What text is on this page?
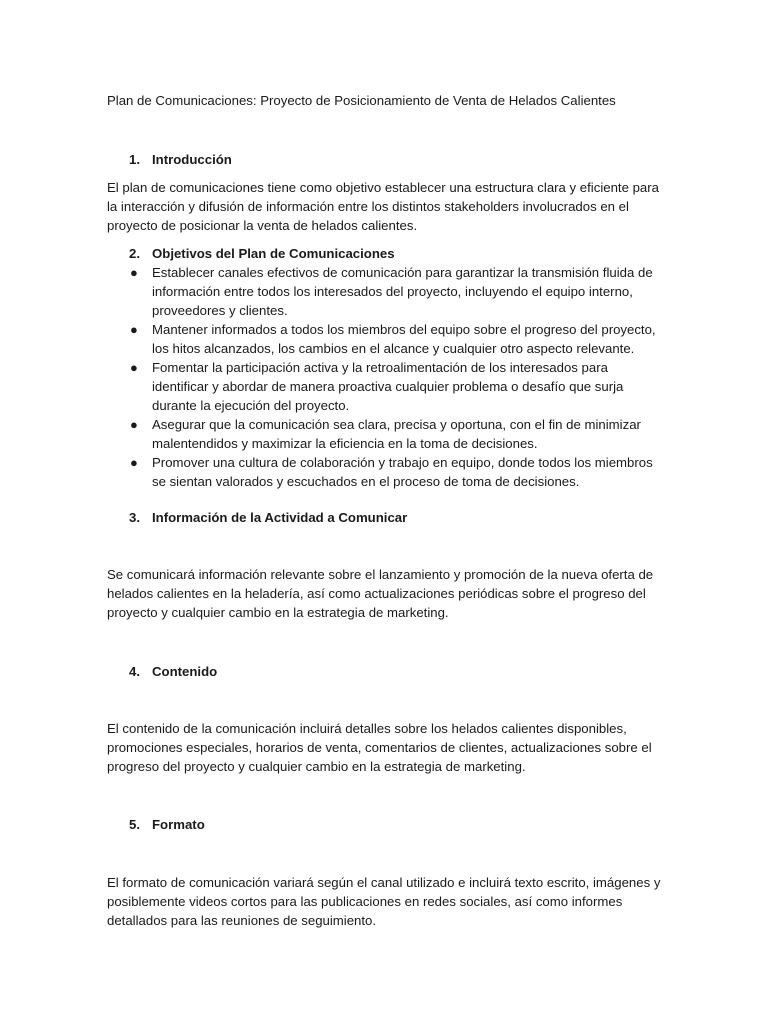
Plan de Comunicaciones: Proyecto de Posicionamiento de Venta de Helados Calientes
1. Introducción
El plan de comunicaciones tiene como objetivo establecer una estructura clara y eficiente para la interacción y difusión de información entre los distintos stakeholders involucrados en el proyecto de posicionar la venta de helados calientes.
2. Objetivos del Plan de Comunicaciones
● Establecer canales efectivos de comunicación para garantizar la transmisión fluida de información entre todos los interesados del proyecto, incluyendo el equipo interno, proveedores y clientes.
● Mantener informados a todos los miembros del equipo sobre el progreso del proyecto, los hitos alcanzados, los cambios en el alcance y cualquier otro aspecto relevante.
● Fomentar la participación activa y la retroalimentación de los interesados para identificar y abordar de manera proactiva cualquier problema o desafío que surja durante la ejecución del proyecto.
● Asegurar que la comunicación sea clara, precisa y oportuna, con el fin de minimizar malentendidos y maximizar la eficiencia en la toma de decisiones.
● Promover una cultura de colaboración y trabajo en equipo, donde todos los miembros se sientan valorados y escuchados en el proceso de toma de decisiones.
3. Información de la Actividad a Comunicar
Se comunicará información relevante sobre el lanzamiento y promoción de la nueva oferta de helados calientes en la heladería, así como actualizaciones periódicas sobre el progreso del proyecto y cualquier cambio en la estrategia de marketing.
4. Contenido
El contenido de la comunicación incluirá detalles sobre los helados calientes disponibles, promociones especiales, horarios de venta, comentarios de clientes, actualizaciones sobre el progreso del proyecto y cualquier cambio en la estrategia de marketing.
5. Formato
El formato de comunicación variará según el canal utilizado e incluirá texto escrito, imágenes y posiblemente videos cortos para las publicaciones en redes sociales, así como informes detallados para las reuniones de seguimiento.
